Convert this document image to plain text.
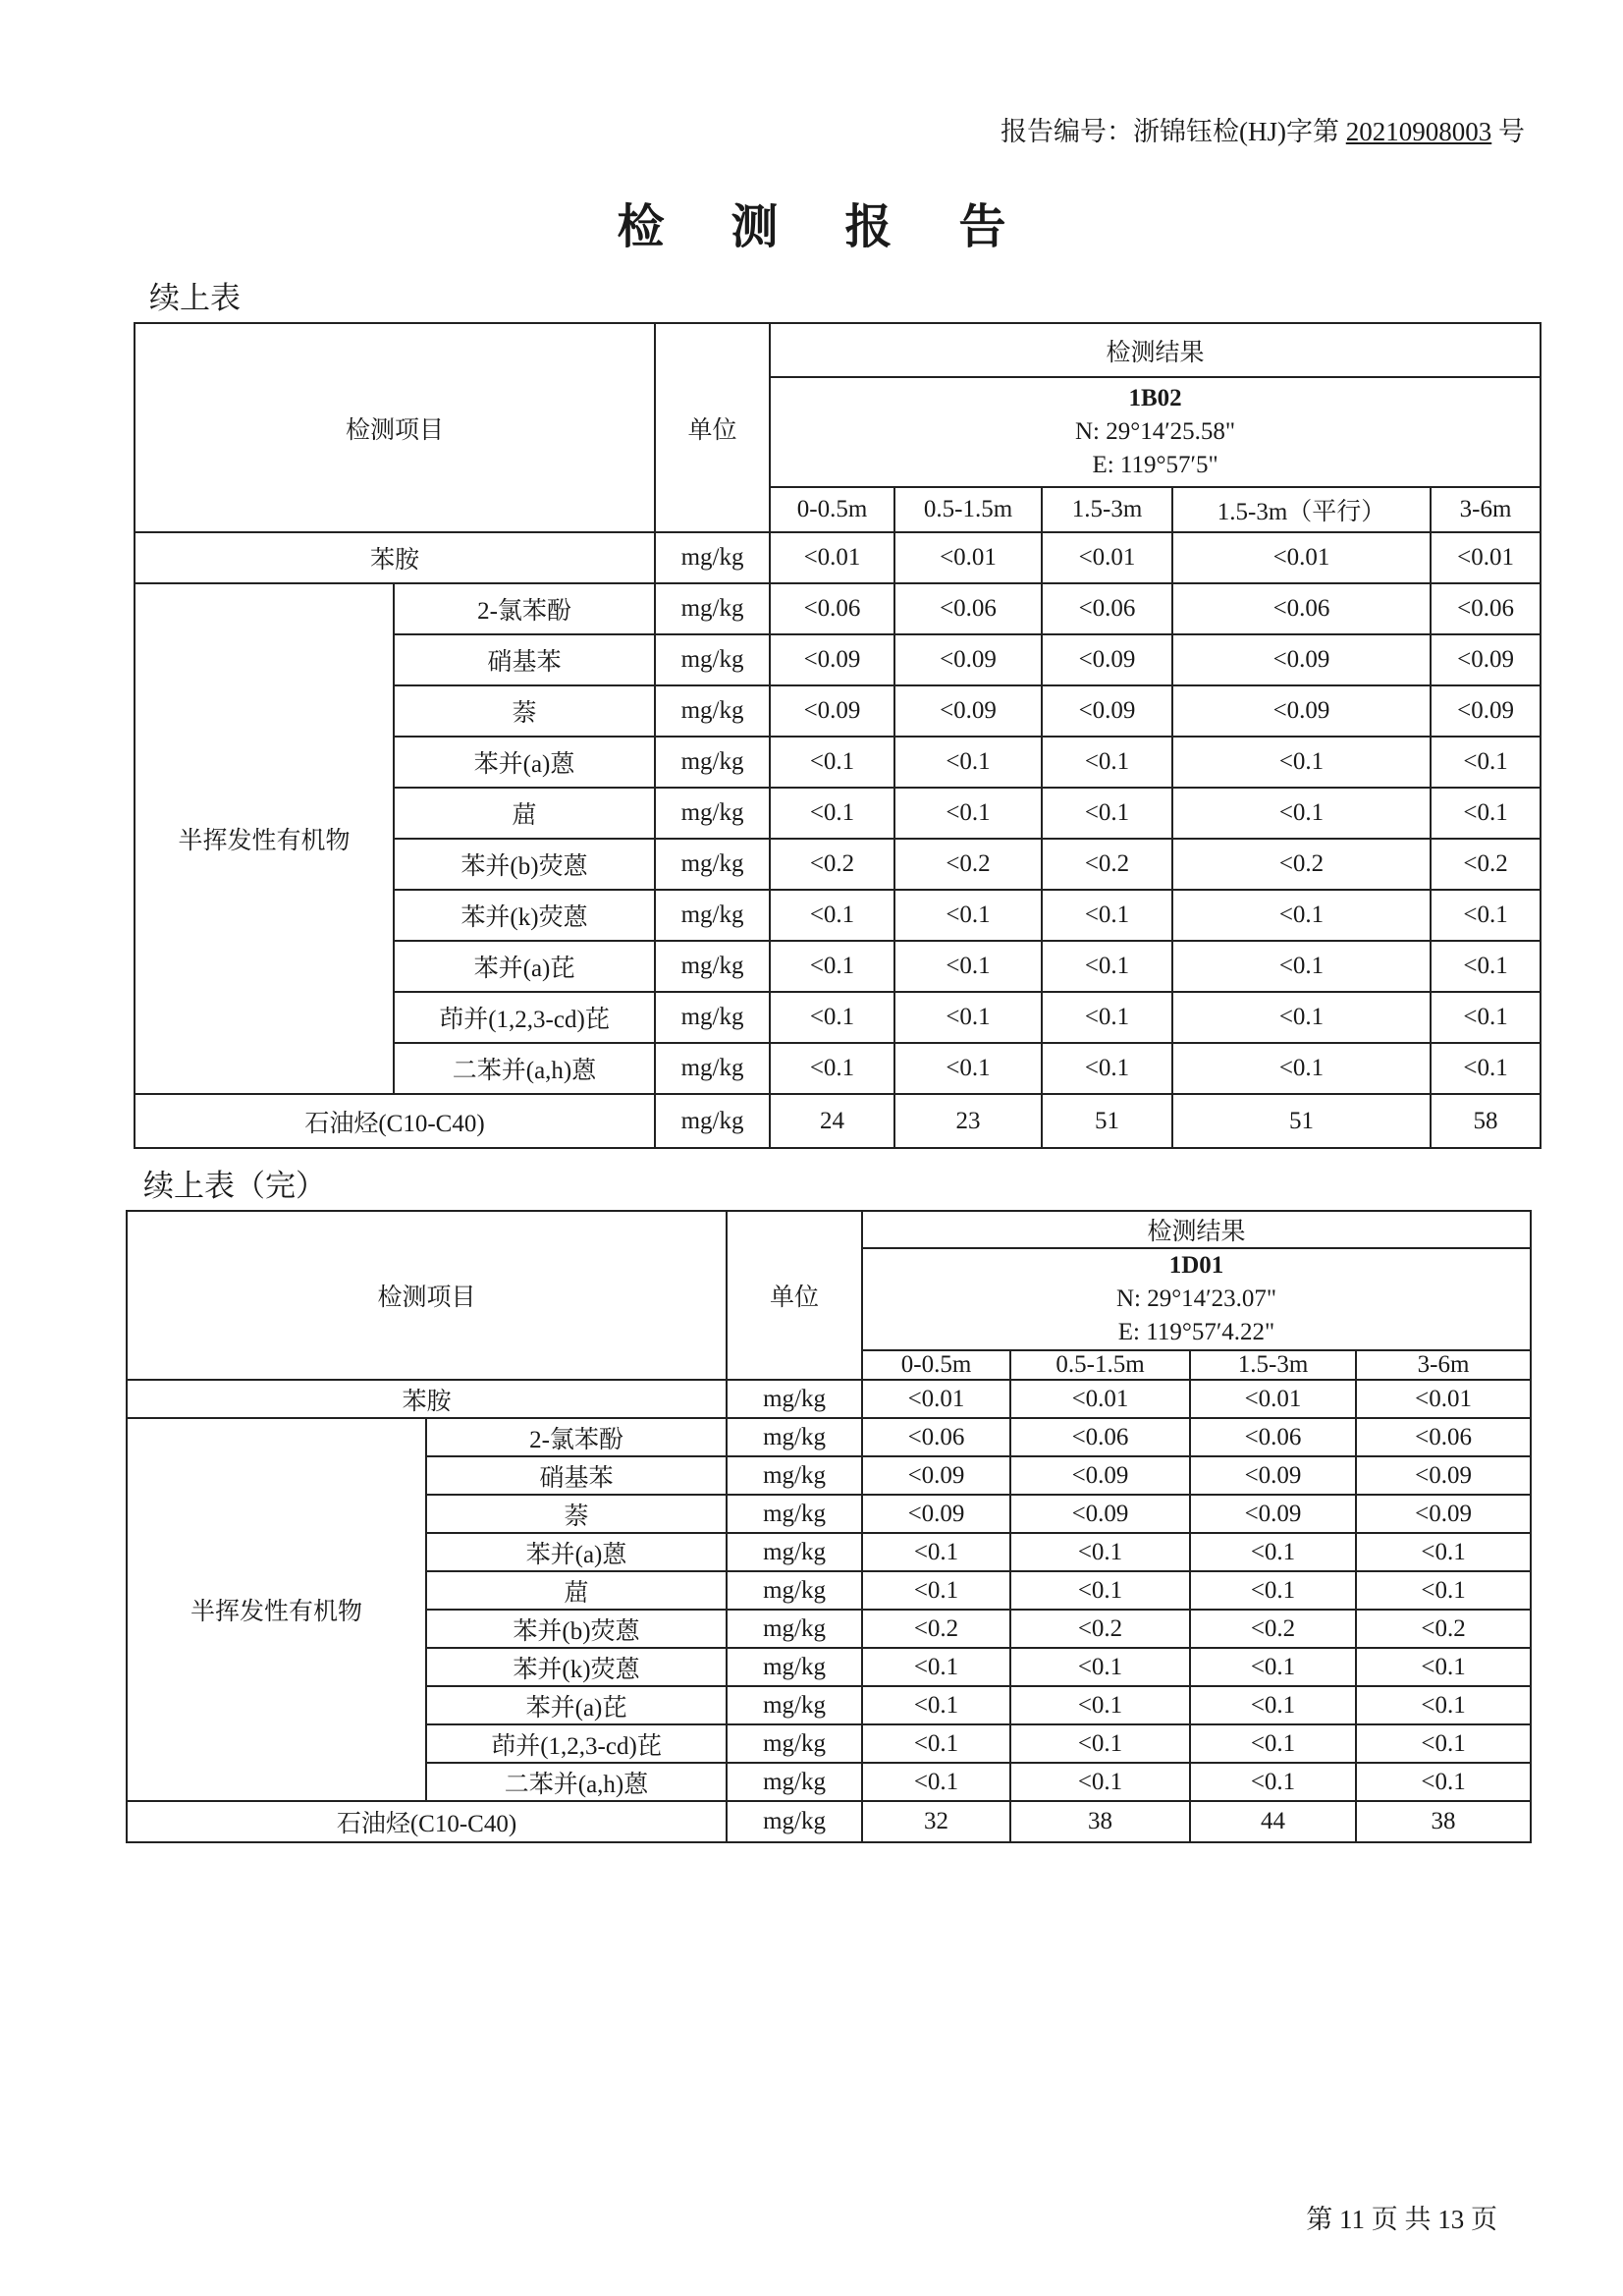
报告编号：浙锦钰检(HJ)字第 20210908003 号
检 测 报 告
续上表
检测项目		单位	检测结果				

			1B02
N: 29°14′25.58"
E: 119°57′5"				

			0-0.5m	0.5-1.5m	1.5-3m	1.5-3m（平行）	3-6m
苯胺		mg/kg	<0.01	<0.01	<0.01	<0.01	<0.01
半挥发性有机物	2-氯苯酚	mg/kg	<0.06	<0.06	<0.06	<0.06	<0.06
	硝基苯	mg/kg	<0.09	<0.09	<0.09	<0.09	<0.09
	萘	mg/kg	<0.09	<0.09	<0.09	<0.09	<0.09
	苯并(a)蒽	mg/kg	<0.1	<0.1	<0.1	<0.1	<0.1
	䓛	mg/kg	<0.1	<0.1	<0.1	<0.1	<0.1
	苯并(b)荧蒽	mg/kg	<0.2	<0.2	<0.2	<0.2	<0.2
	苯并(k)荧蒽	mg/kg	<0.1	<0.1	<0.1	<0.1	<0.1
	苯并(a)芘	mg/kg	<0.1	<0.1	<0.1	<0.1	<0.1
	茚并(1,2,3-cd)芘	mg/kg	<0.1	<0.1	<0.1	<0.1	<0.1
	二苯并(a,h)蒽	mg/kg	<0.1	<0.1	<0.1	<0.1	<0.1
石油烃(C10-C40)		mg/kg	24	23	51	51	58
续上表（完）
检测项目		单位	检测结果			

			1D01
N: 29°14′23.07"
E: 119°57′4.22"			

			0-0.5m	0.5-1.5m	1.5-3m	3-6m
苯胺		mg/kg	<0.01	<0.01	<0.01	<0.01
半挥发性有机物	2-氯苯酚	mg/kg	<0.06	<0.06	<0.06	<0.06
	硝基苯	mg/kg	<0.09	<0.09	<0.09	<0.09
	萘	mg/kg	<0.09	<0.09	<0.09	<0.09
	苯并(a)蒽	mg/kg	<0.1	<0.1	<0.1	<0.1
	䓛	mg/kg	<0.1	<0.1	<0.1	<0.1
	苯并(b)荧蒽	mg/kg	<0.2	<0.2	<0.2	<0.2
	苯并(k)荧蒽	mg/kg	<0.1	<0.1	<0.1	<0.1
	苯并(a)芘	mg/kg	<0.1	<0.1	<0.1	<0.1
	茚并(1,2,3-cd)芘	mg/kg	<0.1	<0.1	<0.1	<0.1
	二苯并(a,h)蒽	mg/kg	<0.1	<0.1	<0.1	<0.1
石油烃(C10-C40)		mg/kg	32	38	44	38
第 11 页 共 13 页
